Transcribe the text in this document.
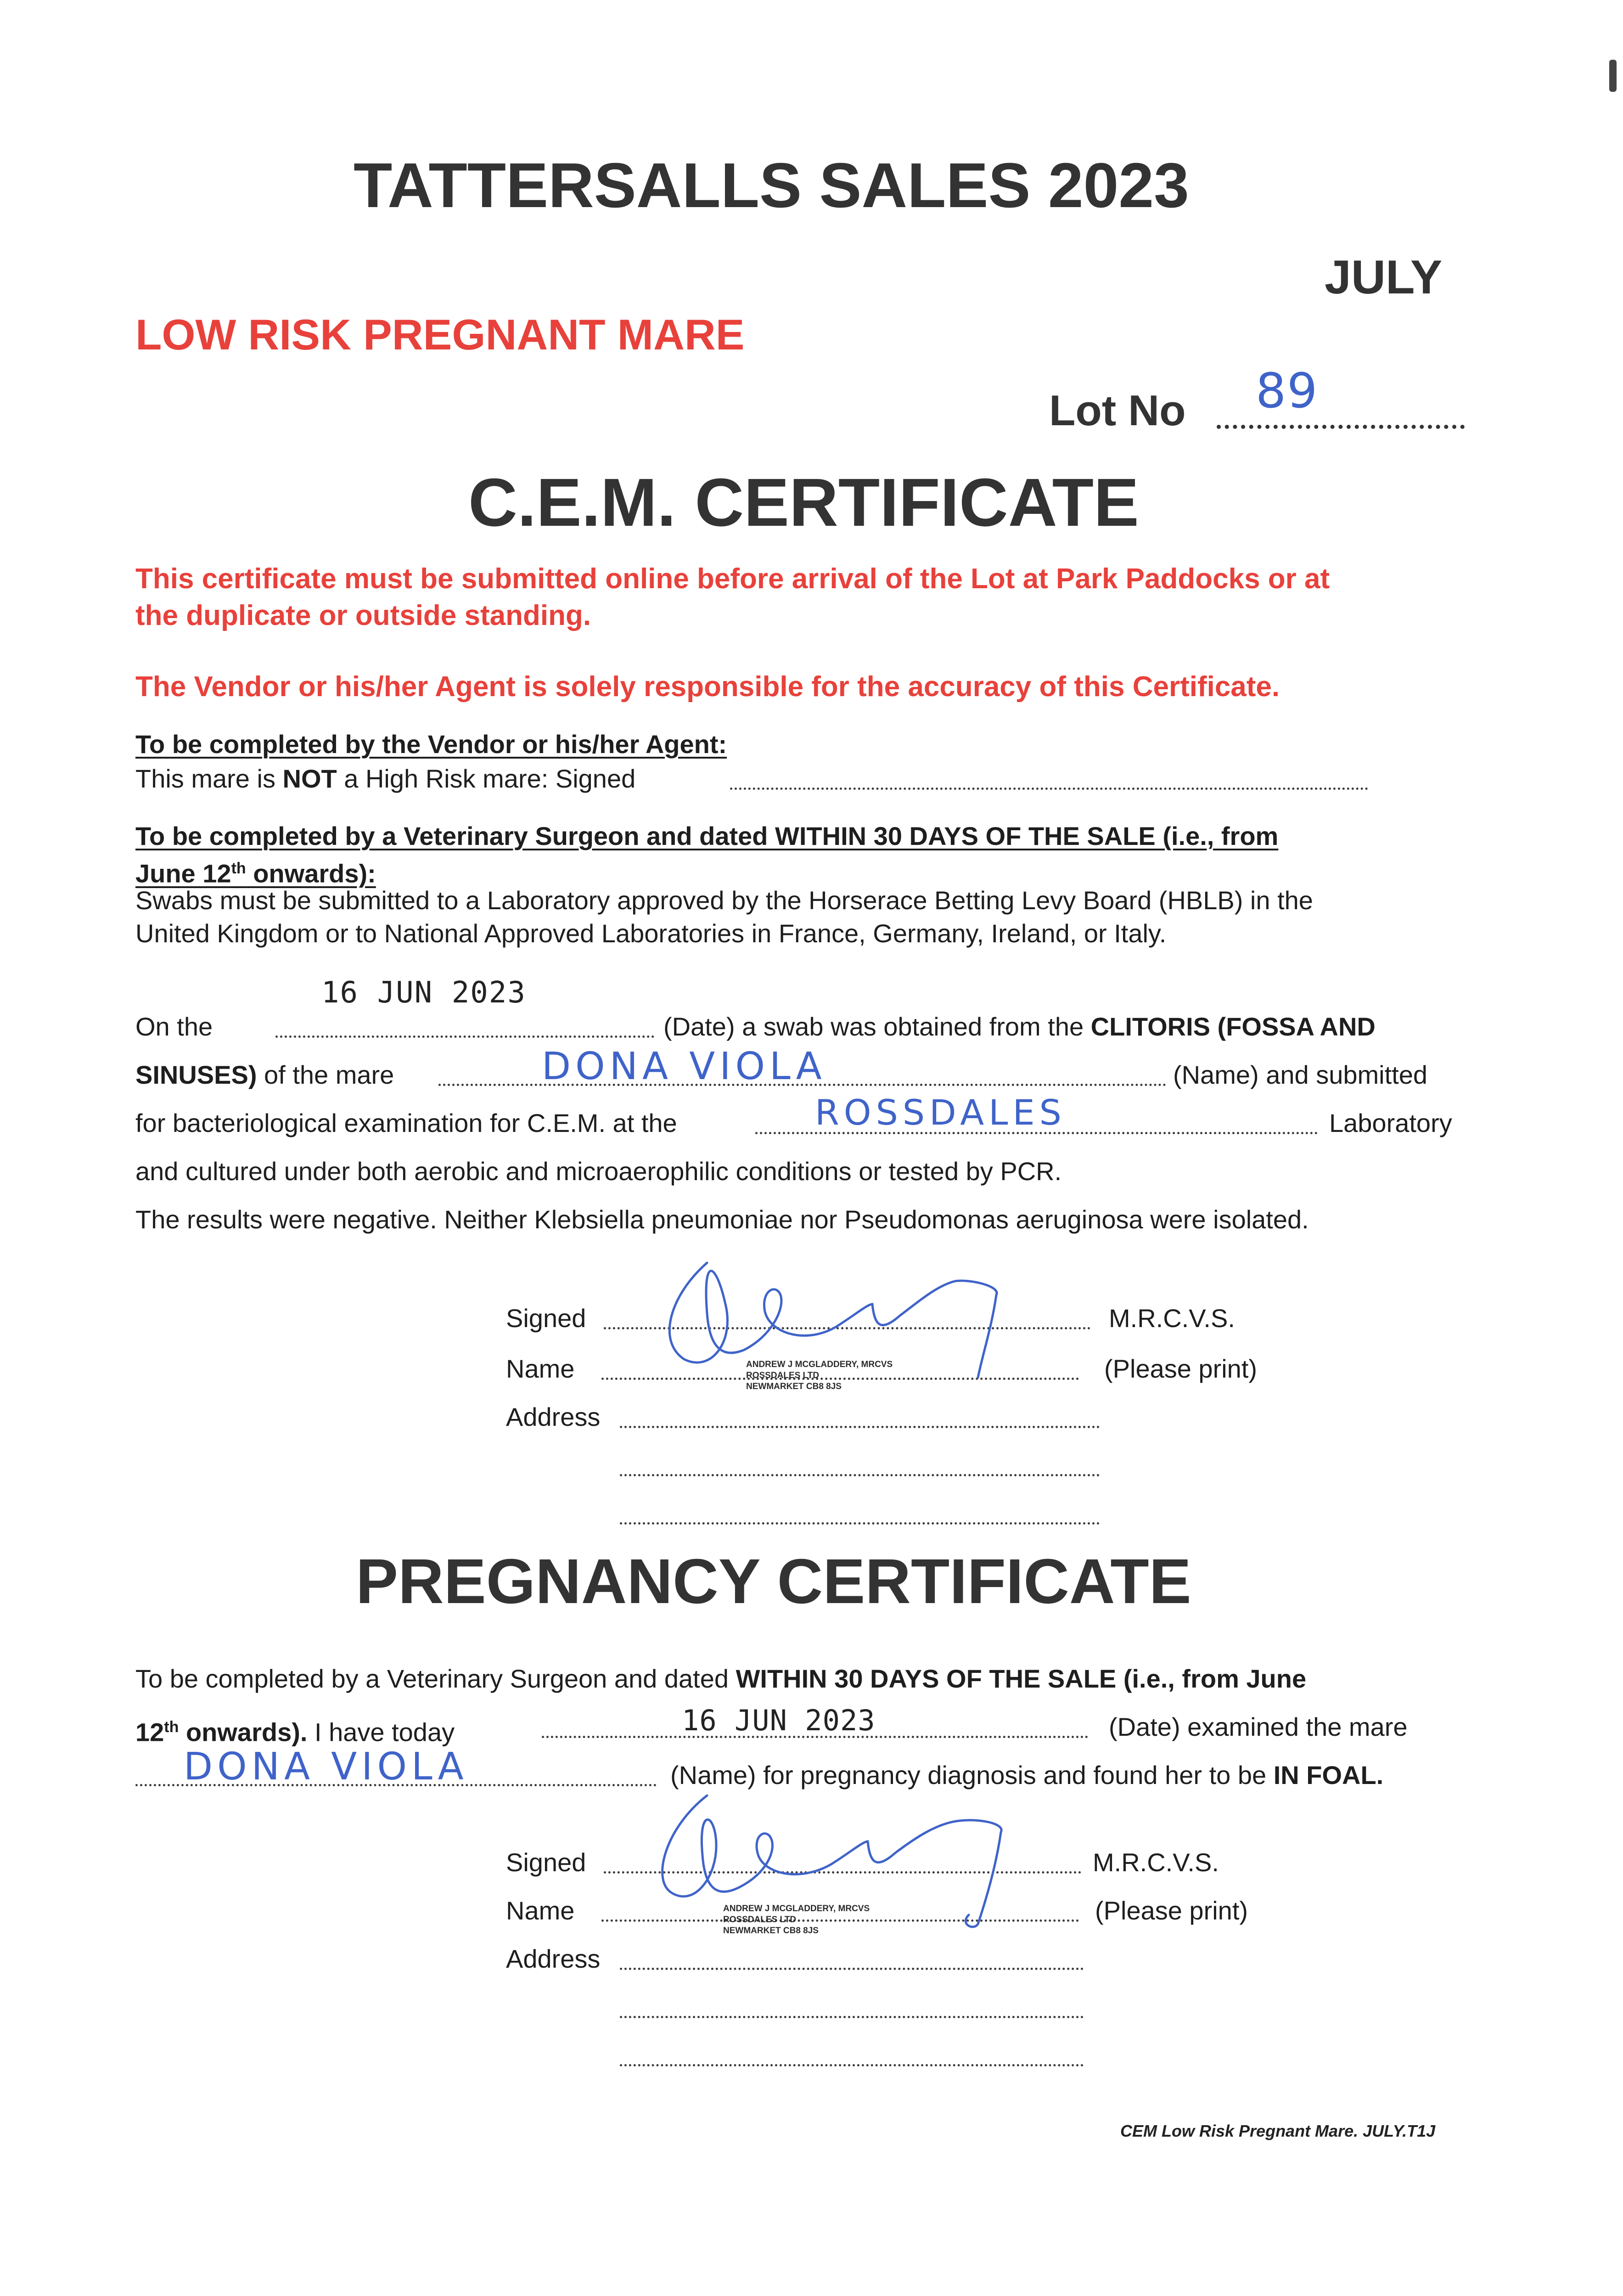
TATTERSALLS SALES 2023
JULY
LOW RISK PREGNANT MARE
Lot No 89
C.E.M. CERTIFICATE
This certificate must be submitted online before arrival of the Lot at Park Paddocks or at
the duplicate or outside standing.
The Vendor or his/her Agent is solely responsible for the accuracy of this Certificate.
To be completed by the Vendor or his/her Agent:
This mare is NOT a High Risk mare: Signed
To be completed by a Veterinary Surgeon and dated WITHIN 30 DAYS OF THE SALE (i.e., from
June 12th onwards):
Swabs must be submitted to a Laboratory approved by the Horserace Betting Levy Board (HBLB) in the
United Kingdom or to National Approved Laboratories in France, Germany, Ireland, or Italy.
16 JUN 2023
On the	(Date) a swab was obtained from the CLITORIS (FOSSA AND
SINUSES) of the mare	DONA VIOLA	(Name) and submitted
for bacteriological examination for C.E.M. at the	ROSSDALES	Laboratory
and cultured under both aerobic and microaerophilic conditions or tested by PCR.
The results were negative. Neither Klebsiella pneumoniae nor Pseudomonas aeruginosa were isolated.
Signed	M.R.C.V.S.
Name	(Please print)
Address
ANDREW J MCGLADDERY, MRCVS
ROSSDALES LTD
NEWMARKET CB8 8JS
PREGNANCY CERTIFICATE
To be completed by a Veterinary Surgeon and dated WITHIN 30 DAYS OF THE SALE (i.e., from June
12th onwards). I have today	16 JUN 2023	(Date) examined the mare
DONA VIOLA	(Name) for pregnancy diagnosis and found her to be IN FOAL.
Signed	M.R.C.V.S.
Name	(Please print)
Address
ANDREW J MCGLADDERY, MRCVS
ROSSDALES LTD
NEWMARKET CB8 8JS
CEM Low Risk Pregnant Mare. JULY.T1J
